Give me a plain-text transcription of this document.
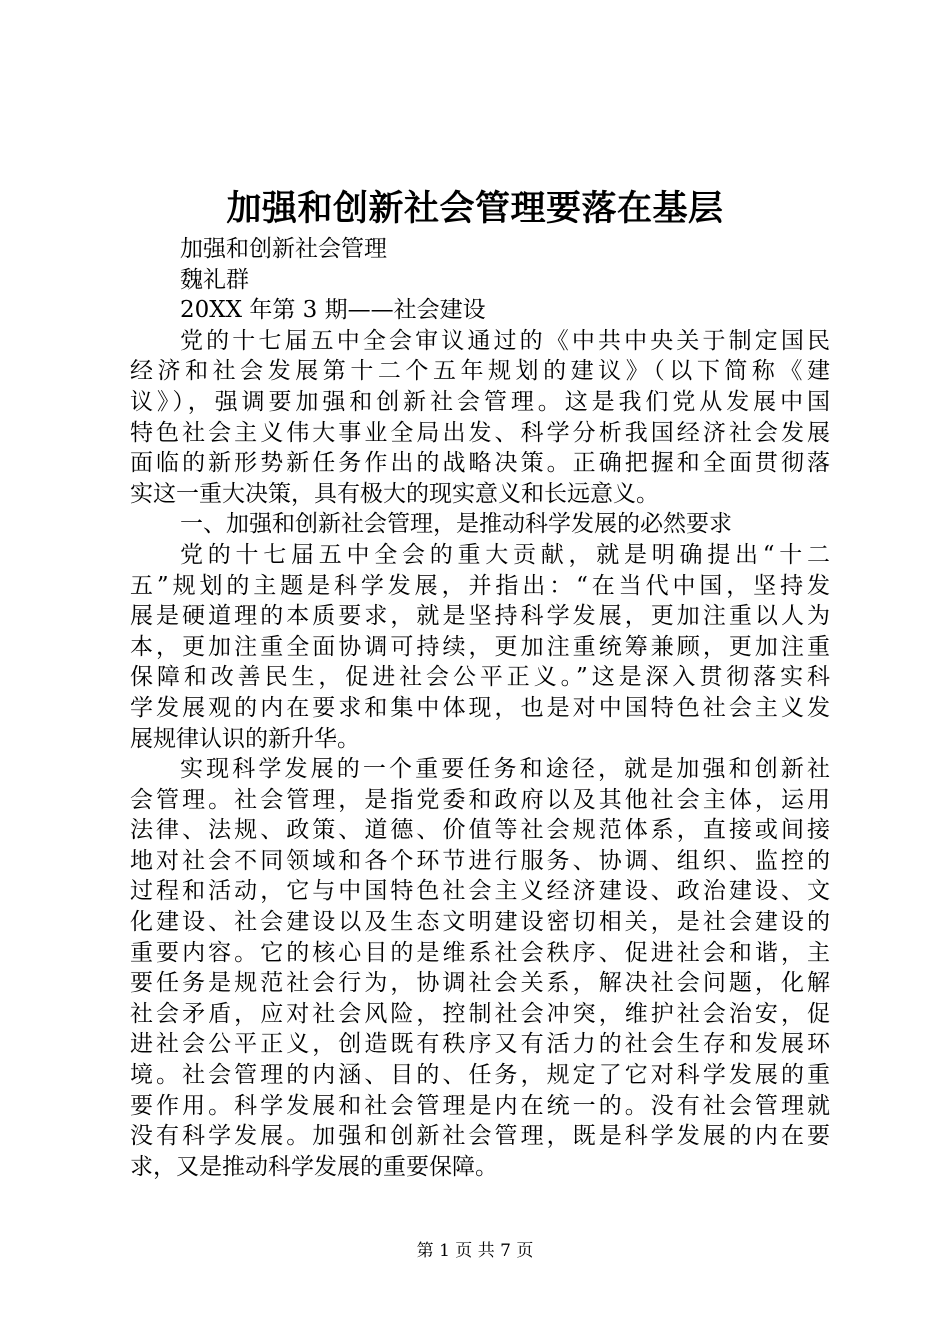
加强和创新社会管理要落在基层
加强和创新社会管理
魏礼群
20XX 年第 3 期——社会建设
党的十七届五中全会审议通过的《中共中央关于制定国民
经济和社会发展第十二个五年规划的建议》（以下简称《建
议》），强调要加强和创新社会管理。这是我们党从发展中国
特色社会主义伟大事业全局出发、科学分析我国经济社会发展
面临的新形势新任务作出的战略决策。正确把握和全面贯彻落
实这一重大决策，具有极大的现实意义和长远意义。
一、加强和创新社会管理，是推动科学发展的必然要求
党的十七届五中全会的重大贡献，就是明确提出“十二
五”规划的主题是科学发展，并指出：“在当代中国，坚持发
展是硬道理的本质要求，就是坚持科学发展，更加注重以人为
本，更加注重全面协调可持续，更加注重统筹兼顾，更加注重
保障和改善民生，促进社会公平正义。”这是深入贯彻落实科
学发展观的内在要求和集中体现，也是对中国特色社会主义发
展规律认识的新升华。
实现科学发展的一个重要任务和途径，就是加强和创新社
会管理。社会管理，是指党委和政府以及其他社会主体，运用
法律、法规、政策、道德、价值等社会规范体系，直接或间接
地对社会不同领域和各个环节进行服务、协调、组织、监控的
过程和活动，它与中国特色社会主义经济建设、政治建设、文
化建设、社会建设以及生态文明建设密切相关，是社会建设的
重要内容。它的核心目的是维系社会秩序、促进社会和谐，主
要任务是规范社会行为，协调社会关系，解决社会问题，化解
社会矛盾，应对社会风险，控制社会冲突，维护社会治安，促
进社会公平正义，创造既有秩序又有活力的社会生存和发展环
境。社会管理的内涵、目的、任务，规定了它对科学发展的重
要作用。科学发展和社会管理是内在统一的。没有社会管理就
没有科学发展。加强和创新社会管理，既是科学发展的内在要
求，又是推动科学发展的重要保障。
第 1 页 共 7 页
